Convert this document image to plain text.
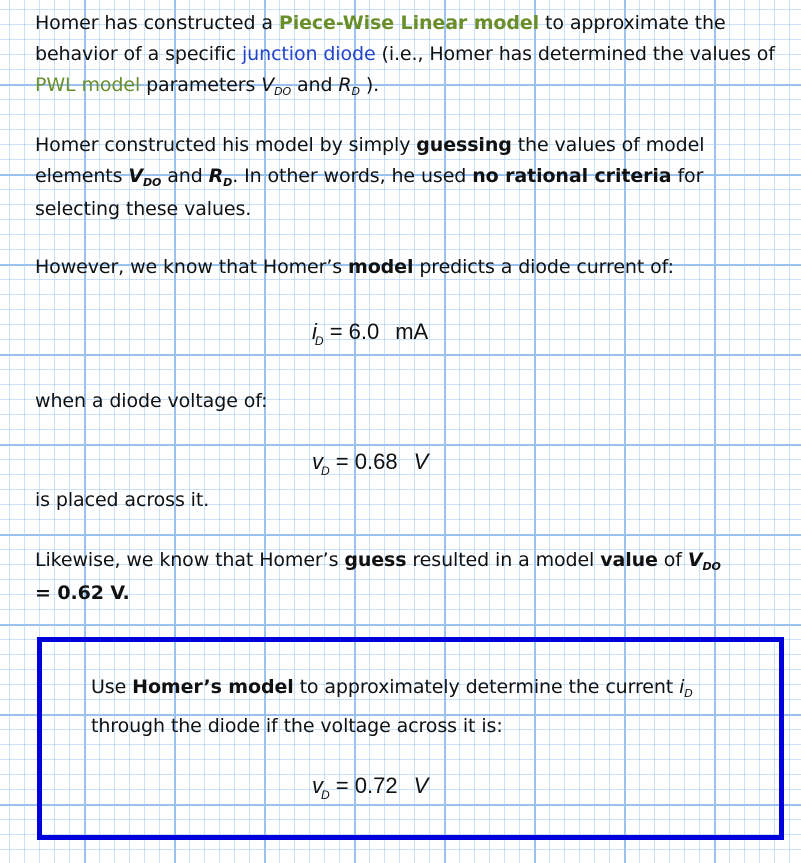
Homer has constructed a Piece-Wise Linear model to approximate the behavior of a specific junction diode (i.e., Homer has determined the values of PWL model parameters $V_{DO}$ and $R_D$ ).
Homer constructed his model by simply guessing the values of model elements $V_{DO}$ and $R_D$. In other words, he used no rational criteria for selecting these values.
However, we know that Homer’s model predicts a diode current of:
$i_D = 6.0$ mA
when a diode voltage of:
$v_D = 0.68$ V
is placed across it.
Likewise, we know that Homer’s guess resulted in a model value of $V_{DO}$
= 0.62 V.
Use Homer’s model to approximately determine the current $i_D$
through the diode if the voltage across it is:
$v_D = 0.72$ V
